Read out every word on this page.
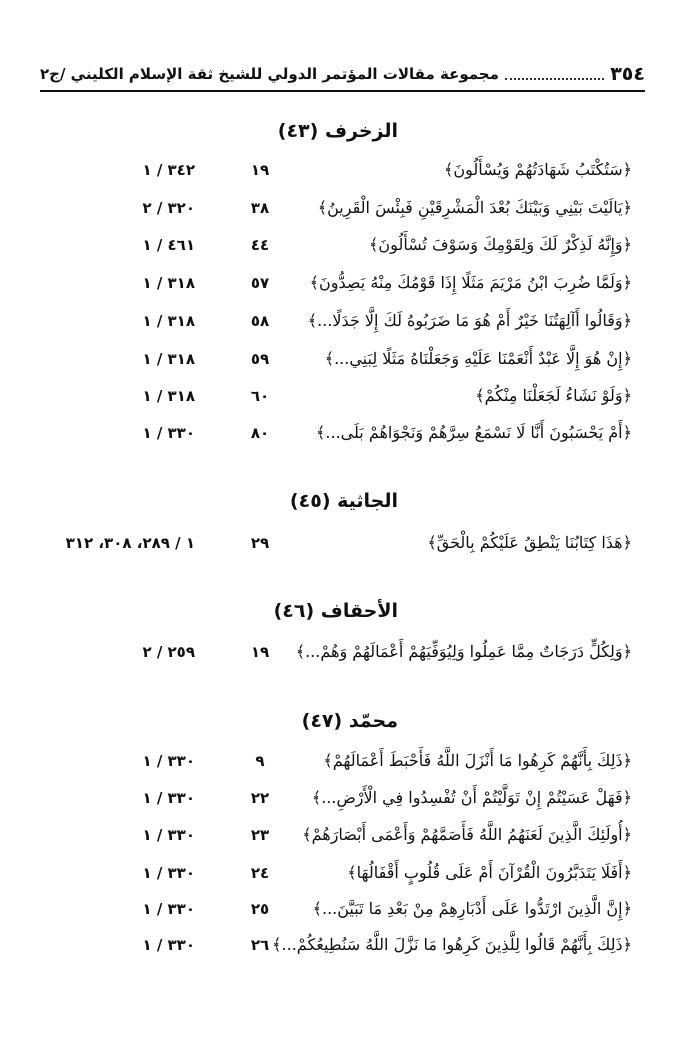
٣٥٤
مجموعة مقالات المؤتمر الدولي للشيخ ثقة الإسلام الكليني /ج٢
الزخرف (٤٣)
﴿سَتُكْتَبُ شَهَادَتُهُمْ وَيُسْأَلُونَ﴾
١٩
٣٤٢ / ١
﴿يَالَيْتَ بَيْنِي وَبَيْنَكَ بُعْدَ الْمَشْرِقَيْنِ فَبِئْسَ الْقَرِينُ﴾
٣٨
٣٢٠ / ٢
﴿وَإِنَّهُ لَذِكْرٌ لَكَ وَلِقَوْمِكَ وَسَوْفَ تُسْأَلُونَ﴾
٤٤
٤٦١ / ١
﴿وَلَمَّا ضُرِبَ ابْنُ مَرْيَمَ مَثَلًا إِذَا قَوْمُكَ مِنْهُ يَصِدُّونَ﴾
٥٧
٣١٨ / ١
﴿وَقَالُوا أَآلِهَتُنَا خَيْرٌ أَمْ هُوَ مَا ضَرَبُوهُ لَكَ إِلَّا جَدَلًا...﴾
٥٨
٣١٨ / ١
﴿إِنْ هُوَ إِلَّا عَبْدٌ أَنْعَمْنَا عَلَيْهِ وَجَعَلْنَاهُ مَثَلًا لِبَنِي...﴾
٥٩
٣١٨ / ١
﴿وَلَوْ نَشَاءُ لَجَعَلْنَا مِنْكُمْ﴾
٦٠
٣١٨ / ١
﴿أَمْ يَحْسَبُونَ أَنَّا لَا نَسْمَعُ سِرَّهُمْ وَنَجْوَاهُمْ بَلَى...﴾
٨٠
٣٣٠ / ١
الجاثية (٤٥)
﴿هَذَا كِتَابُنَا يَنْطِقُ عَلَيْكُمْ بِالْحَقِّ﴾
٢٩
١ / ٢٨٩، ٣٠٨، ٣١٢
الأحقاف (٤٦)
﴿وَلِكُلٍّ دَرَجَاتٌ مِمَّا عَمِلُوا وَلِيُوَفِّيَهُمْ أَعْمَالَهُمْ وَهُمْ...﴾
١٩
٢٥٩ / ٢
محمّد (٤٧)
﴿ذَلِكَ بِأَنَّهُمْ كَرِهُوا مَا أَنْزَلَ اللَّهُ فَأَحْبَطَ أَعْمَالَهُمْ﴾
٩
٣٣٠ / ١
﴿فَهَلْ عَسَيْتُمْ إِنْ تَوَلَّيْتُمْ أَنْ تُفْسِدُوا فِي الْأَرْضِ...﴾
٢٢
٣٣٠ / ١
﴿أُولَئِكَ الَّذِينَ لَعَنَهُمُ اللَّهُ فَأَصَمَّهُمْ وَأَعْمَى أَبْصَارَهُمْ﴾
٢٣
٣٣٠ / ١
﴿أَفَلَا يَتَدَبَّرُونَ الْقُرْآنَ أَمْ عَلَى قُلُوبٍ أَقْفَالُهَا﴾
٢٤
٣٣٠ / ١
﴿إِنَّ الَّذِينَ ارْتَدُّوا عَلَى أَدْبَارِهِمْ مِنْ بَعْدِ مَا تَبَيَّنَ...﴾
٢٥
٣٣٠ / ١
﴿ذَلِكَ بِأَنَّهُمْ قَالُوا لِلَّذِينَ كَرِهُوا مَا نَزَّلَ اللَّهُ سَنُطِيعُكُمْ...﴾
٢٦
٣٣٠ / ١
